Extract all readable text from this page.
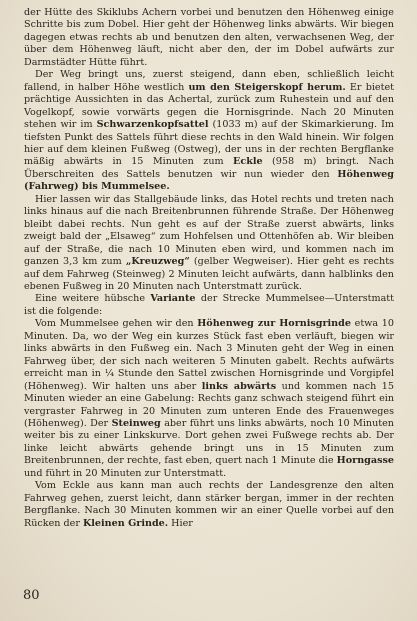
der Hütte des Skiklubs Achern vorbei und benutzen den Höhenweg einige Schritte bis zum Dobel. Hier geht der Höhenweg links abwärts. Wir biegen dagegen etwas rechts ab und benutzen den alten, verwachsenen Weg, der über dem Höhenweg läuft, nicht aber den, der im Dobel aufwärts zur Darmstädter Hütte führt.

Der Weg bringt uns, zuerst steigend, dann eben, schließlich leicht fallend, in halber Höhe westlich um den Steigerskopf herum. Er bietet prächtige Aussichten in das Achertal, zurück zum Ruhestein und auf den Vogelkopf, sowie vorwärts gegen die Hornisgrinde. Nach 20 Minuten stehen wir im Schwarzenkopfsattel (1033 m) auf der Skimarkierung. Im tiefsten Punkt des Sattels führt diese rechts in den Wald hinein. Wir folgen hier auf dem kleinen Fußweg (Ostweg), der uns in der rechten Bergflanke mäßig abwärts in 15 Minuten zum Eckle (958 m) bringt. Nach Überschreiten des Sattels benutzen wir nun wieder den Höhenweg (Fahrweg) bis Mummelsee.

Hier lassen wir das Stallgebäude links, das Hotel rechts und treten nach links hinaus auf die nach Breitenbrunnen führende Straße. Der Höhenweg bleibt dabei rechts. Nun geht es auf der Straße zuerst abwärts, links zweigt bald der „Elsaweg“ zum Hohfelsen und Ottenhöfen ab. Wir bleiben auf der Straße, die nach 10 Minuten eben wird, und kommen nach im ganzen 3,3 km zum „Kreuzweg“ (gelber Wegweiser). Hier geht es rechts auf dem Fahrweg (Steinweg) 2 Minuten leicht aufwärts, dann halblinks den ebenen Fußweg in 20 Minuten nach Unterstmatt zurück.

Eine weitere hübsche Variante der Strecke Mummelsee—Unterstmatt ist die folgende:

Vom Mummelsee gehen wir den Höhenweg zur Hornisgrinde etwa 10 Minuten. Da, wo der Weg ein kurzes Stück fast eben verläuft, biegen wir links abwärts in den Fußweg ein. Nach 3 Minuten geht der Weg in einen Fahrweg über, der sich nach weiteren 5 Minuten gabelt. Rechts aufwärts erreicht man in ¼ Stunde den Sattel zwischen Hornisgrinde und Vorgipfel (Höhenweg). Wir halten uns aber links abwärts und kommen nach 15 Minuten wieder an eine Gabelung: Rechts ganz schwach steigend führt ein vergraster Fahrweg in 20 Minuten zum unteren Ende des Frauenweges (Höhenweg). Der Steinweg aber führt uns links abwärts, noch 10 Minuten weiter bis zu einer Linkskurve. Dort gehen zwei Fußwege rechts ab. Der linke leicht abwärts gehende bringt uns in 15 Minuten zum Breitenbrunnen, der rechte, fast eben, quert nach 1 Minute die Horngasse und führt in 20 Minuten zur Unterstmatt.

Vom Eckle aus kann man auch rechts der Landesgrenze den alten Fahrweg gehen, zuerst leicht, dann stärker bergan, immer in der rechten Bergflanke. Nach 30 Minuten kommen wir an einer Quelle vorbei auf den Rücken der Kleinen Grinde. Hier

80
